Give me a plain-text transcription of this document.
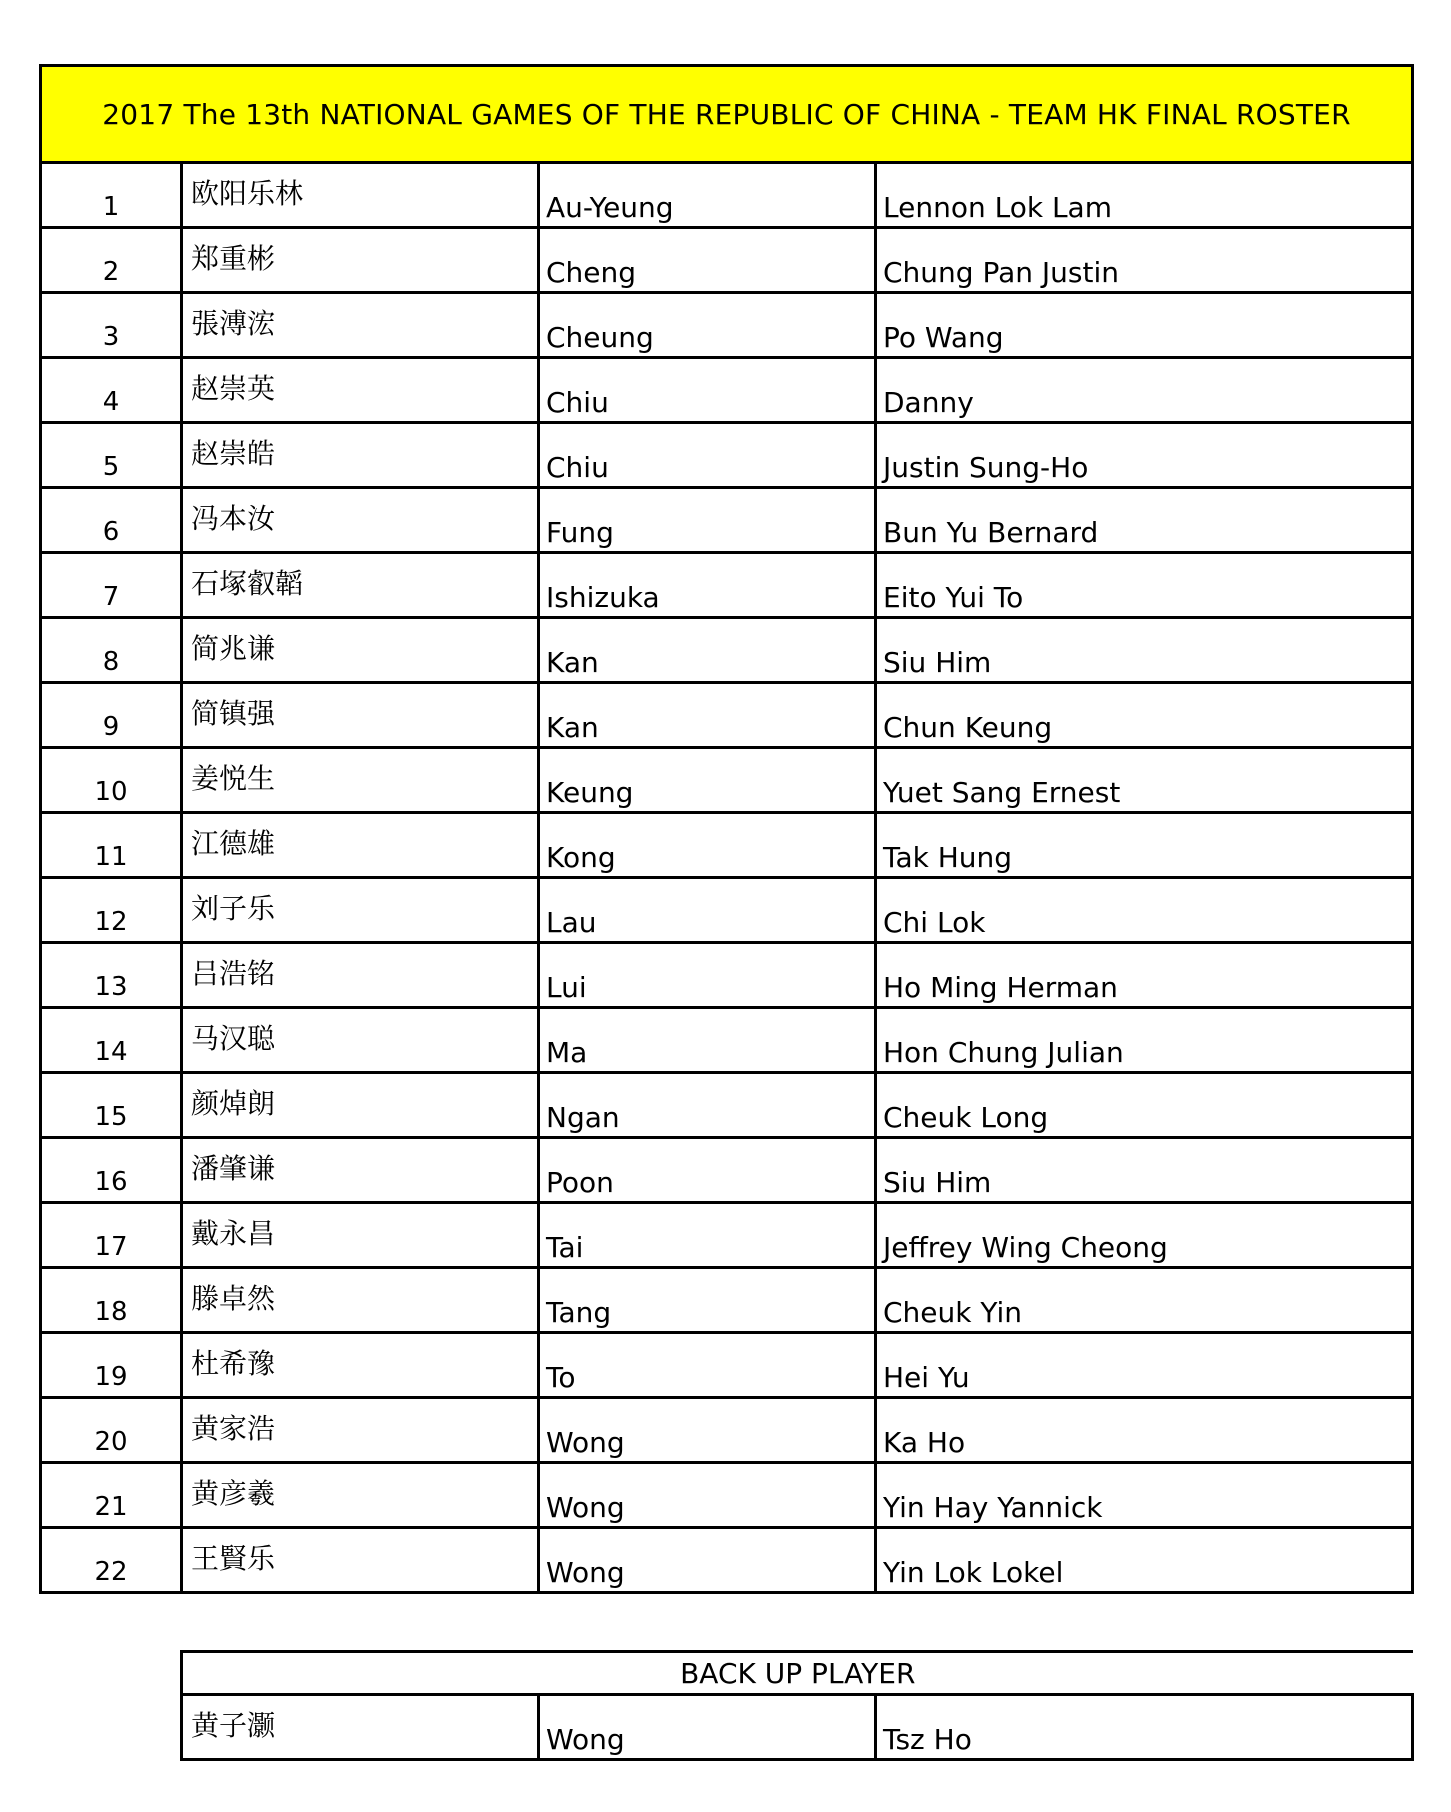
2017 The 13th NATIONAL GAMES OF THE REPUBLIC OF CHINA - TEAM HK FINAL ROSTER			
1	欧阳乐林	Au-Yeung	Lennon Lok Lam
2	郑重彬	Cheng	Chung Pan Justin
3	張溥浤	Cheung	Po Wang
4	赵崇英	Chiu	Danny
5	赵崇皓	Chiu	Justin Sung-Ho
6	冯本汝	Fung	Bun Yu Bernard
7	石塚叡韜	Ishizuka	Eito Yui To
8	简兆谦	Kan	Siu Him
9	简镇强	Kan	Chun Keung
10	姜悦生	Keung	Yuet Sang Ernest
11	江德雄	Kong	Tak Hung
12	刘子乐	Lau	Chi Lok
13	吕浩铭	Lui	Ho Ming Herman
14	马汉聪	Ma	Hon Chung Julian
15	颜焯朗	Ngan	Cheuk Long
16	潘肇谦	Poon	Siu Him
17	戴永昌	Tai	Jeffrey Wing Cheong
18	滕卓然	Tang	Cheuk Yin
19	杜希豫	To	Hei Yu
20	黄家浩	Wong	Ka Ho
21	黄彦羲	Wong	Yin Hay Yannick
22	王賢乐	Wong	Yin Lok Lokel
BACK UP PLAYER
黄子灏	Wong	Tsz Ho
